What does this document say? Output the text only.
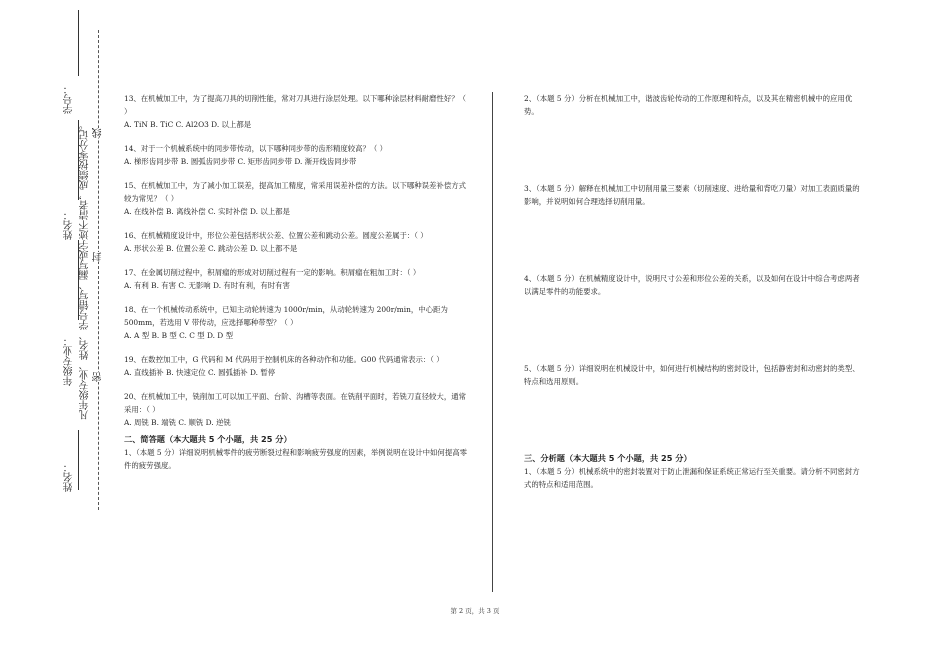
姓名：
年级专业：
姓名：
学号：
凡年级专业、姓名、学号错写、漏写或字迹不清者，成绩按零分记。 密
封
线

13、在机械加工中，为了提高刀具的切削性能，常对刀具进行涂层处理。以下哪种涂层材料耐磨性好？（ ）

A. TiN B. TiC C. Al2O3 D. 以上都是

14、对于一个机械系统中的同步带传动，以下哪种同步带的齿形精度较高？（ ）

A. 梯形齿同步带 B. 圆弧齿同步带 C. 矩形齿同步带 D. 渐开线齿同步带

15、在机械加工中，为了减小加工误差，提高加工精度，常采用误差补偿的方法。以下哪种误差补偿方式较为常见？（ ）

A. 在线补偿 B. 离线补偿 C. 实时补偿 D. 以上都是

16、在机械精度设计中，形位公差包括形状公差、位置公差和跳动公差。圆度公差属于：（ ）

A. 形状公差 B. 位置公差 C. 跳动公差 D. 以上都不是

17、在金属切削过程中，积屑瘤的形成对切削过程有一定的影响。积屑瘤在粗加工时：（ ）

A. 有利 B. 有害 C. 无影响 D. 有时有利，有时有害

18、在一个机械传动系统中，已知主动轮转速为 1000r/min，从动轮转速为 200r/min，中心距为 500mm，若选用 V 带传动，应选择哪种带型？（ ）

A. A 型 B. B 型 C. C 型 D. D 型

19、在数控加工中，G 代码和 M 代码用于控制机床的各种动作和功能。G00 代码通常表示：（ ）

A. 直线插补 B. 快速定位 C. 圆弧插补 D. 暂停

20、在机械加工中，铣削加工可以加工平面、台阶、沟槽等表面。在铣削平面时，若铣刀直径较大，通常采用：（ ）

A. 周铣 B. 端铣 C. 顺铣 D. 逆铣

二、简答题（本大题共 5 个小题，共 25 分）

1、（本题 5 分）详细说明机械零件的疲劳断裂过程和影响疲劳强度的因素，举例说明在设计中如何提高零件的疲劳强度。

2、（本题 5 分）分析在机械加工中，谐波齿轮传动的工作原理和特点，以及其在精密机械中的应用优势。

3、（本题 5 分）解释在机械加工中切削用量三要素（切削速度、进给量和背吃刀量）对加工表面质量的影响，并说明如何合理选择切削用量。

4、（本题 5 分）在机械精度设计中，说明尺寸公差和形位公差的关系，以及如何在设计中综合考虑两者以满足零件的功能要求。

5、（本题 5 分）详细说明在机械设计中，如何进行机械结构的密封设计，包括静密封和动密封的类型、特点和选用原则。

三、分析题（本大题共 5 个小题，共 25 分）

1、（本题 5 分）机械系统中的密封装置对于防止泄漏和保证系统正常运行至关重要。请分析不同密封方式的特点和适用范围。

第 2 页，共 3 页
